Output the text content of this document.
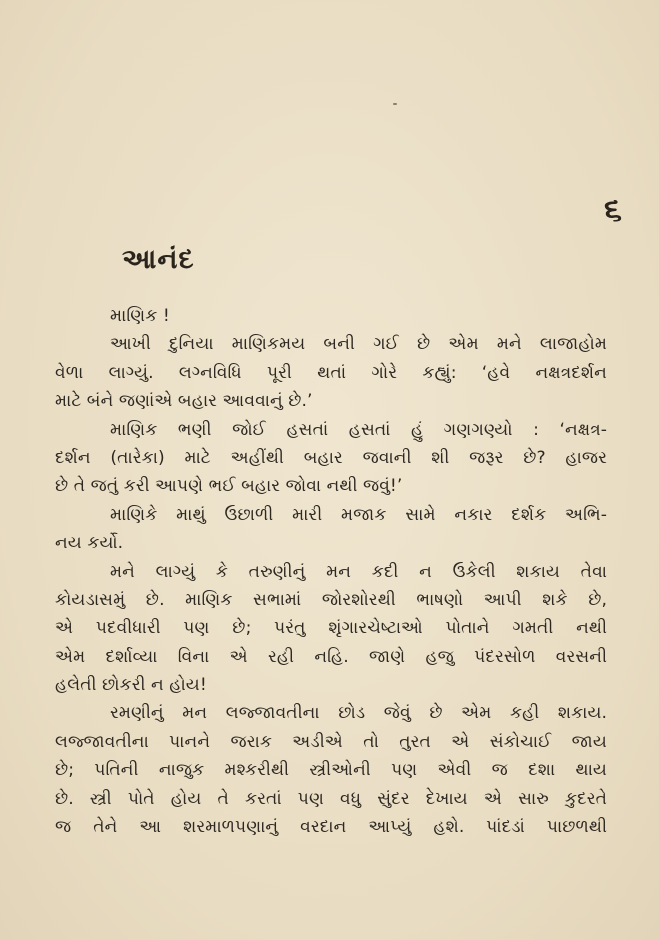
૬
આનંદ
માણિક !
આખી દુનિયા માણિકમય બની ગઈ છે એમ મને લાજાહોમ
વેળા લાગ્યું. લગ્નવિધિ પૂરી થતાં ગોરે કહ્યું: ‘હવે નક્ષત્રદર્શન
માટે બંને જણાંએ બહાર આવવાનું છે.’
માણિક ભણી જોઈ હસતાં હસતાં હું ગણગણ્યો : ‘નક્ષત્ર-
દર્શન (તારેકા) માટે અહીંથી બહાર જવાની શી જરૂર છે? હાજર
છે તે જતું કરી આપણે ભઈ બહાર જોવા નથી જવું!’
માણિકે માથું ઉછાળી મારી મજાક સામે નકાર દર્શક અભિ-
નય કર્યો.
મને લાગ્યું કે તરુણીનું મન કદી ન ઉકેલી શકાય તેવા
કોયડાસમું છે. માણિક સભામાં જોરશોરથી ભાષણો આપી શકે છે,
એ પદવીધારી પણ છે; પરંતુ શૃંગારચેષ્ટાઓ પોતાને ગમતી નથી
એમ દર્શાવ્યા વિના એ રહી નહિ. જાણે હજુ પંદરસોળ વરસની
હલેતી છોકરી ન હોય!
રમણીનું મન લજ્જાવતીના છોડ જેવું છે એમ કહી શકાય.
લજ્જાવતીના પાનને જરાક અડીએ તો તુરત એ સંકોચાઈ જાય
છે; પતિની નાજુક મશ્કરીથી સ્ત્રીઓની પણ એવી જ દશા થાય
છે. સ્ત્રી પોતે હોય તે કરતાં પણ વધુ સુંદર દેખાય એ સારુ કુદરતે
જ તેને આ શરમાળપણાનું વરદાન આપ્યું હશે. પાંદડાં પાછળથી
